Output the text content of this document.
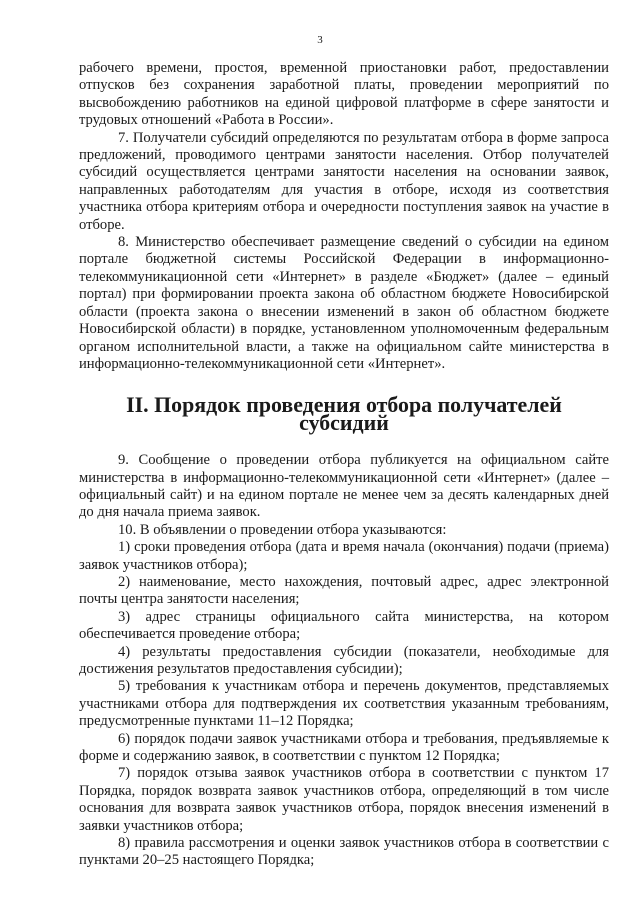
3

рабочего времени, простоя, временной приостановки работ, предоставлении отпусков без сохранения заработной платы, проведении мероприятий по высвобождению работников на единой цифровой платформе в сфере занятости и трудовых отношений «Работа в России».

7. Получатели субсидий определяются по результатам отбора в форме запроса предложений, проводимого центрами занятости населения. Отбор получателей субсидий осуществляется центрами занятости населения на основании заявок, направленных работодателям для участия в отборе, исходя из соответствия участника отбора критериям отбора и очередности поступления заявок на участие в отборе.

8. Министерство обеспечивает размещение сведений о субсидии на едином портале бюджетной системы Российской Федерации в информационно-телекоммуникационной сети «Интернет» в разделе «Бюджет» (далее – единый портал) при формировании проекта закона об областном бюджете Новосибирской области (проекта закона о внесении изменений в закон об областном бюджете Новосибирской области) в порядке, установленном уполномоченным федеральным органом исполнительной власти, а также на официальном сайте министерства в информационно-телекоммуникационной сети «Интернет».

II. Порядок проведения отбора получателей субсидий

9. Сообщение о проведении отбора публикуется на официальном сайте министерства в информационно-телекоммуникационной сети «Интернет» (далее – официальный сайт) и на едином портале не менее чем за десять календарных дней до дня начала приема заявок.

10. В объявлении о проведении отбора указываются:

1) сроки проведения отбора (дата и время начала (окончания) подачи (приема) заявок участников отбора);

2) наименование, место нахождения, почтовый адрес, адрес электронной почты центра занятости населения;

3) адрес страницы официального сайта министерства, на котором обеспечивается проведение отбора;

4) результаты предоставления субсидии (показатели, необходимые для достижения результатов предоставления субсидии);

5) требования к участникам отбора и перечень документов, представляемых участниками отбора для подтверждения их соответствия указанным требованиям, предусмотренные пунктами 11–12 Порядка;

6) порядок подачи заявок участниками отбора и требования, предъявляемые к форме и содержанию заявок, в соответствии с пунктом 12 Порядка;

7) порядок отзыва заявок участников отбора в соответствии с пунктом 17 Порядка, порядок возврата заявок участников отбора, определяющий в том числе основания для возврата заявок участников отбора, порядок внесения изменений в заявки участников отбора;

8) правила рассмотрения и оценки заявок участников отбора в соответствии с пунктами 20–25 настоящего Порядка;
